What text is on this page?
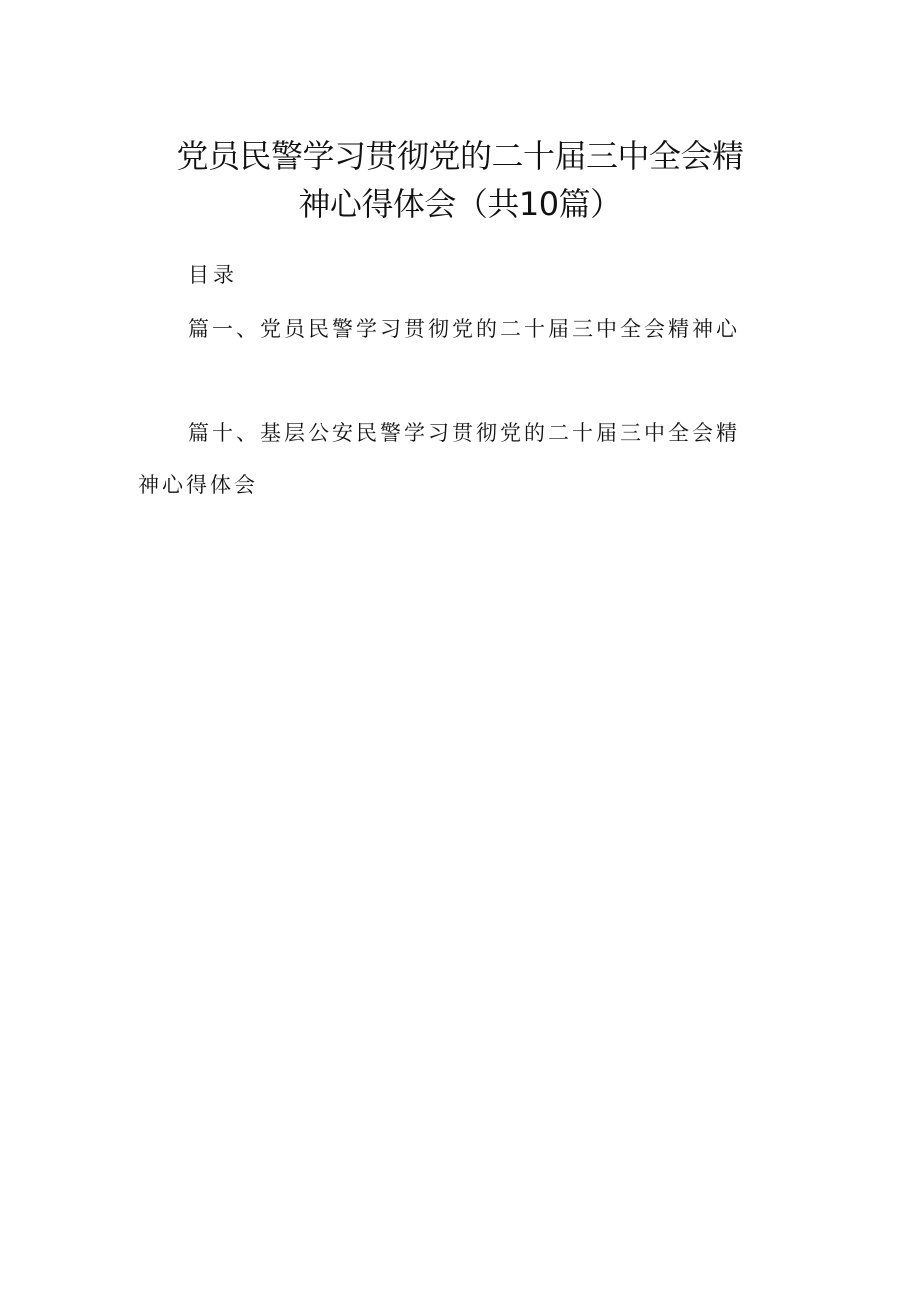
党员民警学习贯彻党的二十届三中全会精
神心得体会（共10篇）
目录
篇一、党员民警学习贯彻党的二十届三中全会精神心
篇十、基层公安民警学习贯彻党的二十届三中全会精
神心得体会
